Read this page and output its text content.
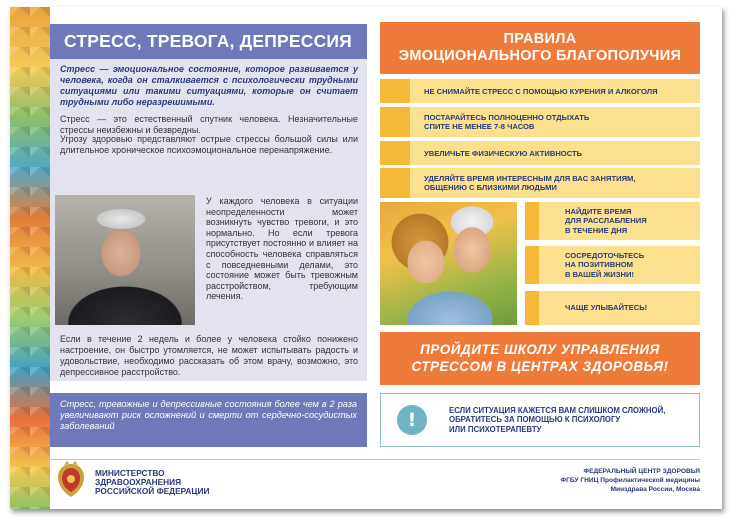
СТРЕСС, ТРЕВОГА, ДЕПРЕССИЯ
Стресс — эмоциональное состояние, которое развивается у человека, когда он сталкивается с психологически трудными ситуациями или такими ситуациями, которые он считает трудными либо неразрешимыми.
Стресс — это естественный спутник человека. Незначительные стрессы неизбежны и безвредны.
Угрозу здоровью представляют острые стрессы большой силы или длительное хроническое психоэмоциональное перенапряжение.
У каждого человека в ситуации неопределенности может возникнуть чувство тревоги, и это нормально. Но если тревога присутствует постоянно и влияет на способность человека справляться с повседневными делами, это состояние может быть тревожным расстройством, требующим лечения.
Если в течение 2 недель и более у человека стойко понижено настроение, он быстро утомляется, не может испытывать радость и удовольствие, необходимо рассказать об этом врачу, возможно, это депрессивное расстройство.
Стресс, тревожные и депрессивные состояния более чем в 2 раза увеличивают риск осложнений и смерти от сердечно-сосудистых заболеваний
ПРАВИЛА
ЭМОЦИОНАЛЬНОГО БЛАГОПОЛУЧИЯ
НЕ СНИМАЙТЕ СТРЕСС С ПОМОЩЬЮ КУРЕНИЯ И АЛКОГОЛЯ
ПОСТАРАЙТЕСЬ ПОЛНОЦЕННО ОТДЫХАТЬ
СПИТЕ НЕ МЕНЕЕ 7-8 ЧАСОВ
УВЕЛИЧЬТЕ ФИЗИЧЕСКУЮ АКТИВНОСТЬ
УДЕЛЯЙТЕ ВРЕМЯ ИНТЕРЕСНЫМ ДЛЯ ВАС ЗАНЯТИЯМ,
ОБЩЕНИЮ С БЛИЗКИМИ ЛЮДЬМИ
НАЙДИТЕ ВРЕМЯ
ДЛЯ РАССЛАБЛЕНИЯ
В ТЕЧЕНИЕ ДНЯ
СОСРЕДОТОЧЬТЕСЬ
НА ПОЗИТИВНОМ
В ВАШЕЙ ЖИЗНИ!
ЧАЩЕ УЛЫБАЙТЕСЬ!
ПРОЙДИТЕ ШКОЛУ УПРАВЛЕНИЯ
СТРЕССОМ В ЦЕНТРАХ ЗДОРОВЬЯ!
!	ЕСЛИ СИТУАЦИЯ КАЖЕТСЯ ВАМ СЛИШКОМ СЛОЖНОЙ,
ОБРАТИТЕСЬ ЗА ПОМОЩЬЮ К ПСИХОЛОГУ
ИЛИ ПСИХОТЕРАПЕВТУ
МИНИСТЕРСТВО
ЗДРАВООХРАНЕНИЯ
РОССИЙСКОЙ ФЕДЕРАЦИИ
ФЕДЕРАЛЬНЫЙ ЦЕНТР ЗДОРОВЬЯ
ФГБУ ГНИЦ Профилактической медицины
Минздрава России, Москва
